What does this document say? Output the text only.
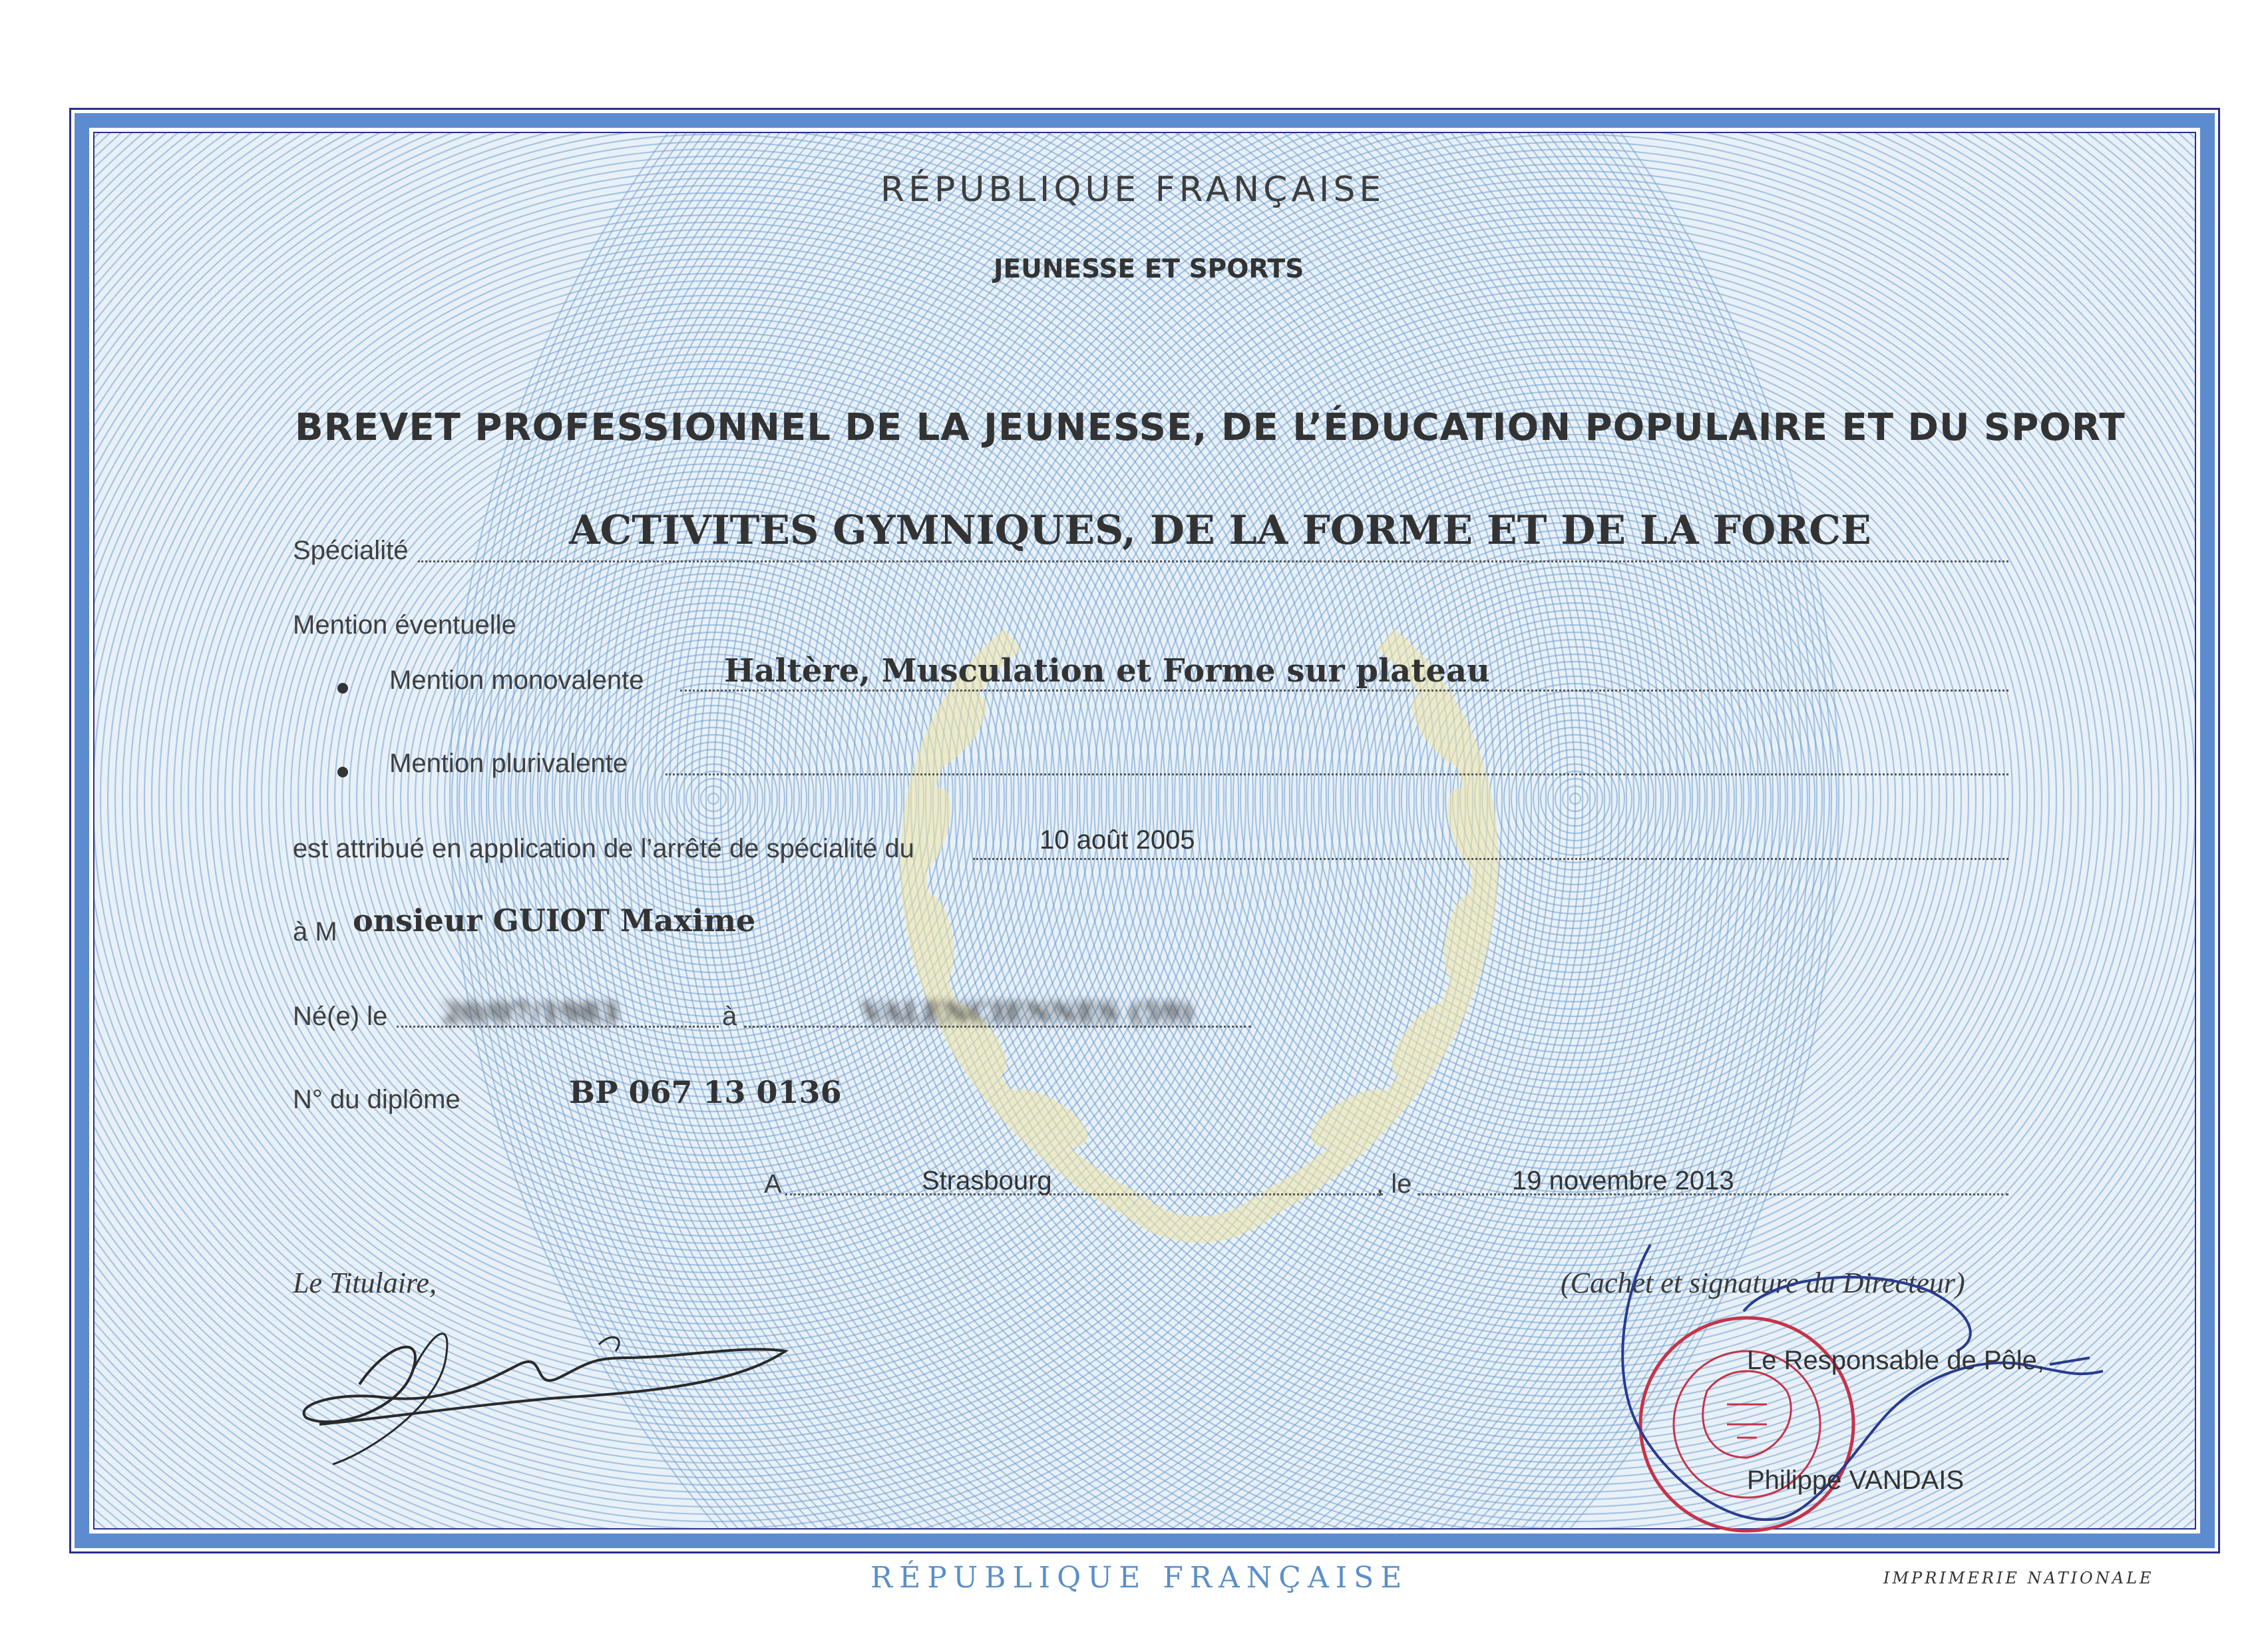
RÉPUBLIQUE FRANÇAISE
JEUNESSE ET SPORTS
BREVET PROFESSIONNEL DE LA JEUNESSE, DE L’ÉDUCATION POPULAIRE ET DU SPORT
Spécialité	ACTIVITES GYMNIQUES, DE LA FORME ET DE LA FORCE
Mention éventuelle
Mention monovalente	Haltère, Musculation et Forme sur plateau
Mention plurivalente
est attribué en application de l’arrêté de spécialité du	10 août 2005
à M onsieur GUIOT Maxime
Né(e) le 20/07/1983	à	VALENCIENNES (59)
N° du diplôme	BP 067 13 0136
A	Strasbourg	, le	19 novembre 2013
Le Titulaire,	(Cachet et signature du Directeur)
Le Responsable de Pôle,
Philippe VANDAIS
RÉPUBLIQUE FRANÇAISE	IMPRIMERIE NATIONALE
